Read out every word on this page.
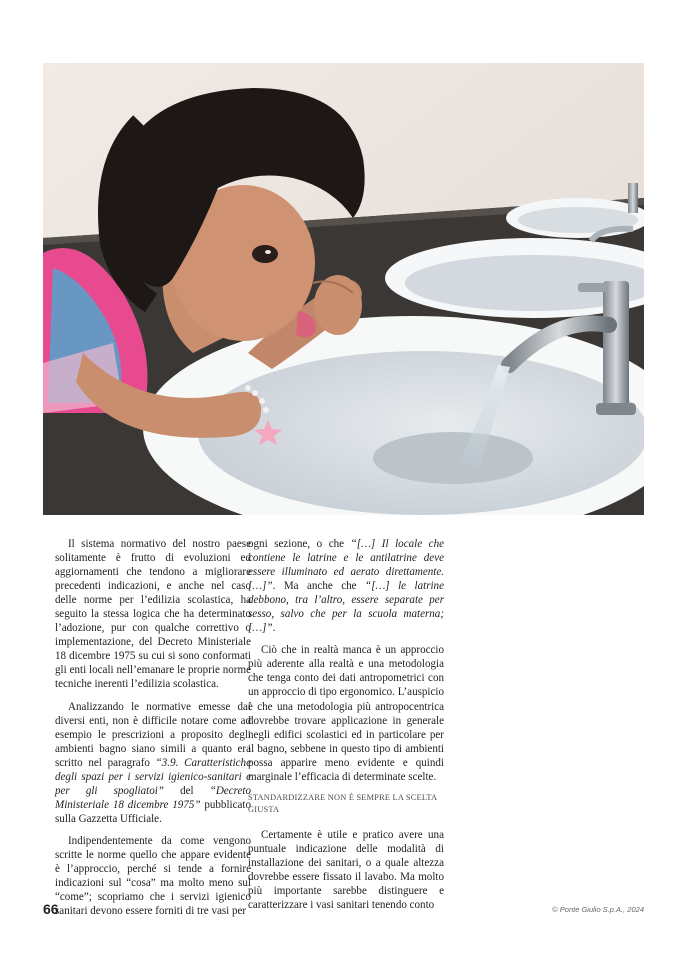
Il sistema normativo del nostro paese solitamente è frutto di evoluzioni ed aggiornamenti che tendono a migliorare precedenti indicazioni, e anche nel caso delle norme per l’edilizia scolastica, ha seguito la stessa logica che ha determinato l’adozione, pur con qualche correttivo o implementazione, del Decreto Ministeriale 18 dicembre 1975 su cui si sono conformati gli enti locali nell’emanare le proprie norme tecniche inerenti l’edilizia scolastica.

Analizzando le normative emesse dai diversi enti, non è difficile notare come ad esempio le prescrizioni a proposito degli ambienti bagno siano simili a quanto era scritto nel paragrafo “3.9. Caratteristiche degli spazi per i servizi igienico-sanitari e per gli spogliatoi” del “Decreto Ministeriale 18 dicembre 1975” pubblicato sulla Gazzetta Ufficiale.

Indipendentemente da come vengono scritte le norme quello che appare evidente è l’approccio, perché si tende a fornire indicazioni sul “cosa” ma molto meno sul “come”; scopriamo che i servizi igienico sanitari devono essere forniti di tre vasi per

ogni sezione, o che “[…] Il locale che contiene le latrine e le antilatrine deve essere illuminato ed aerato direttamente.[…]”. Ma anche che “[…] le latrine debbono, tra l’altro, essere separate per sesso, salvo che per la scuola materna; […]”.

Ciò che in realtà manca è un approccio più aderente alla realtà e una metodologia che tenga conto dei dati antropometrici con un approccio di tipo ergonomico. L’auspicio è che una metodologia più antropocentrica dovrebbe trovare applicazione in generale negli edifici scolastici ed in particolare per il bagno, sebbene in questo tipo di ambienti possa apparire meno evidente e quindi marginale l’efficacia di determinate scelte.

STANDARDIZZARE NON È SEMPRE LA SCELTA GIUSTA

Certamente è utile e pratico avere una puntuale indicazione delle modalità di installazione dei sanitari, o a quale altezza dovrebbe essere fissato il lavabo. Ma molto più importante sarebbe distinguere e caratterizzare i vasi sanitari tenendo conto

66	© Ponte Giulio S.p.A., 2024
